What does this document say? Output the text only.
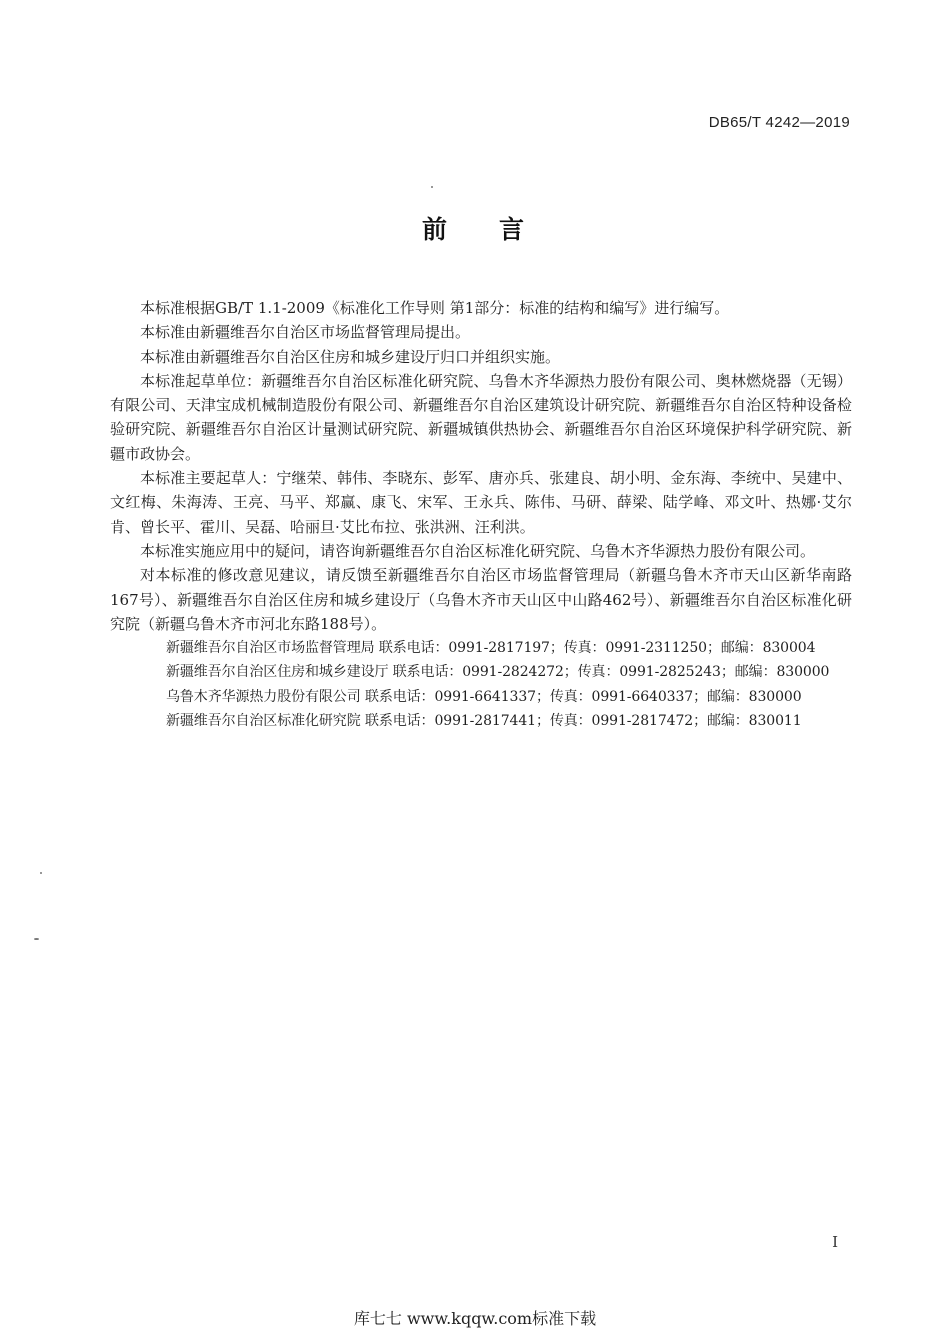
DB65/T 4242—2019
前 言

本标准根据GB/T 1.1-2009《标准化工作导则 第1部分：标准的结构和编写》进行编写。

本标准由新疆维吾尔自治区市场监督管理局提出。

本标准由新疆维吾尔自治区住房和城乡建设厅归口并组织实施。

本标准起草单位：新疆维吾尔自治区标准化研究院、乌鲁木齐华源热力股份有限公司、奥林燃烧器（无锡）有限公司、天津宝成机械制造股份有限公司、新疆维吾尔自治区建筑设计研究院、新疆维吾尔自治区特种设备检验研究院、新疆维吾尔自治区计量测试研究院、新疆城镇供热协会、新疆维吾尔自治区环境保护科学研究院、新疆市政协会。

本标准主要起草人：宁继荣、韩伟、李晓东、彭军、唐亦兵、张建良、胡小明、金东海、李统中、吴建中、文红梅、朱海涛、王亮、马平、郑赢、康飞、宋军、王永兵、陈伟、马研、薛梁、陆学峰、邓文叶、热娜·艾尔肯、曾长平、霍川、吴磊、哈丽旦·艾比布拉、张洪洲、汪利洪。

本标准实施应用中的疑问，请咨询新疆维吾尔自治区标准化研究院、乌鲁木齐华源热力股份有限公司。

对本标准的修改意见建议，请反馈至新疆维吾尔自治区市场监督管理局（新疆乌鲁木齐市天山区新华南路167号）、新疆维吾尔自治区住房和城乡建设厅（乌鲁木齐市天山区中山路462号）、新疆维吾尔自治区标准化研究院（新疆乌鲁木齐市河北东路188号）。

新疆维吾尔自治区市场监督管理局 联系电话：0991-2817197；传真：0991-2311250；邮编：830004

新疆维吾尔自治区住房和城乡建设厅 联系电话：0991-2824272；传真：0991-2825243；邮编：830000

乌鲁木齐华源热力股份有限公司 联系电话：0991-6641337；传真：0991-6640337；邮编：830000

新疆维吾尔自治区标准化研究院 联系电话：0991-2817441；传真：0991-2817472；邮编：830011

I
库七七 www.kqqw.com标准下载
